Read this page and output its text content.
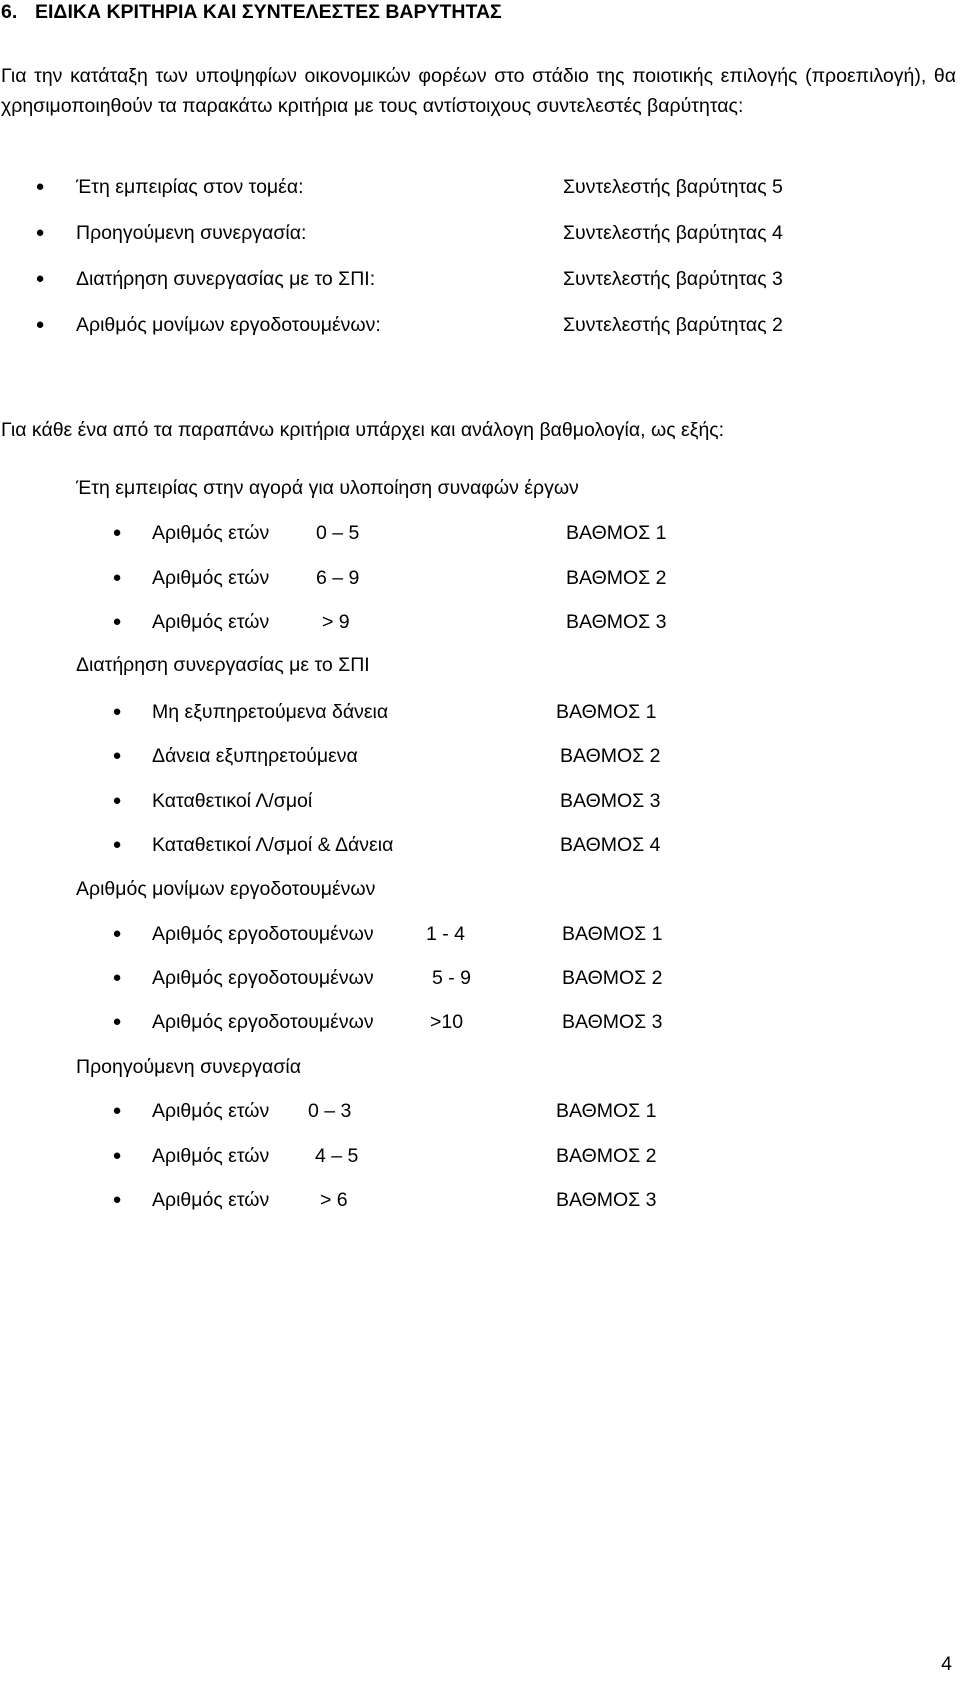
6. ΕΙΔΙΚΑ ΚΡΙΤΗΡΙΑ ΚΑΙ ΣΥΝΤΕΛΕΣΤΕΣ ΒΑΡΥΤΗΤΑΣ
Για την κατάταξη των υποψηφίων οικονομικών φορέων στο στάδιο της ποιοτικής επιλογής (προεπιλογή), θα χρησιμοποιηθούν τα παρακάτω κριτήρια με τους αντίστοιχους συντελεστές βαρύτητας:
●
Έτη εμπειρίας στον τομέα:	Συντελεστής βαρύτητας 5
●
Προηγούμενη συνεργασία:	Συντελεστής βαρύτητας 4
●
Διατήρηση συνεργασίας με το ΣΠΙ:	Συντελεστής βαρύτητας 3
●
Αριθμός μονίμων εργοδοτουμένων:	Συντελεστής βαρύτητας 2
Για κάθε ένα από τα παραπάνω κριτήρια υπάρχει και ανάλογη βαθμολογία, ως εξής:
Έτη εμπειρίας στην αγορά για υλοποίηση συναφών έργων
●
Αριθμός ετών 0 – 5	ΒΑΘΜΟΣ 1
●
Αριθμός ετών 6 – 9	ΒΑΘΜΟΣ 2
●
Αριθμός ετών	> 9	ΒΑΘΜΟΣ 3
Διατήρηση συνεργασίας με το ΣΠΙ
●
Μη εξυπηρετούμενα δάνεια	ΒΑΘΜΟΣ 1
●
Δάνεια εξυπηρετούμενα	ΒΑΘΜΟΣ 2
●
Καταθετικοί Λ/σμοί	ΒΑΘΜΟΣ 3
●
Καταθετικοί Λ/σμοί & Δάνεια	ΒΑΘΜΟΣ 4
Αριθμός μονίμων εργοδοτουμένων
●
Αριθμός εργοδοτουμένων	1 - 4	ΒΑΘΜΟΣ 1
●
Αριθμός εργοδοτουμένων	5 - 9	ΒΑΘΜΟΣ 2
●
Αριθμός εργοδοτουμένων	>10	ΒΑΘΜΟΣ 3
Προηγούμενη συνεργασία
●
Αριθμός ετών 0 – 3	ΒΑΘΜΟΣ 1
●
Αριθμός ετών 4 – 5	ΒΑΘΜΟΣ 2
●
Αριθμός ετών	> 6	ΒΑΘΜΟΣ 3
4
